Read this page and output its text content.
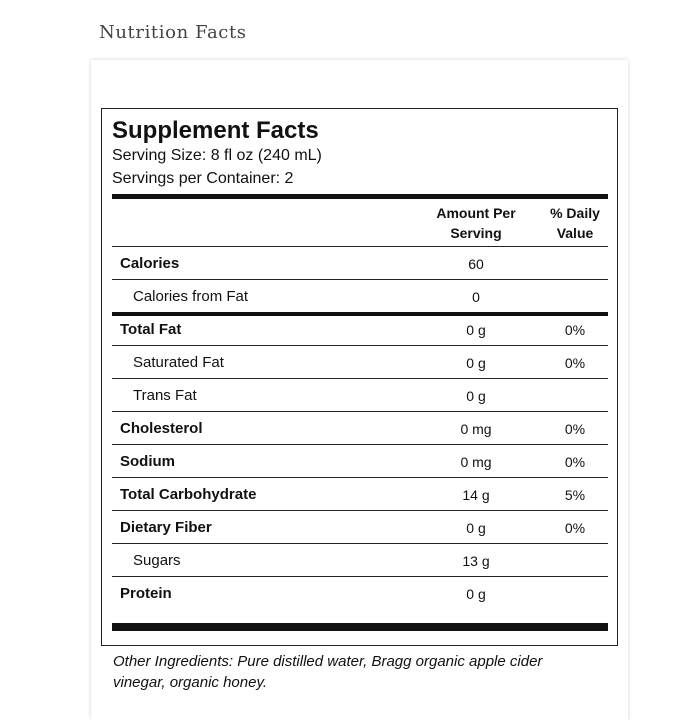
Nutrition Facts
Supplement Facts
Serving Size: 8 fl oz (240 mL)
Servings per Container: 2
Amount Per
Serving
% Daily
Value
Calories	60
Calories from Fat	0
Total Fat	0 g	0%
Saturated Fat	0 g	0%
Trans Fat	0 g
Cholesterol	0 mg	0%
Sodium	0 mg	0%
Total Carbohydrate	14 g	5%
Dietary Fiber	0 g	0%
Sugars	13 g
Protein	0 g
Other Ingredients: Pure distilled water, Bragg organic apple cider vinegar, organic honey.
